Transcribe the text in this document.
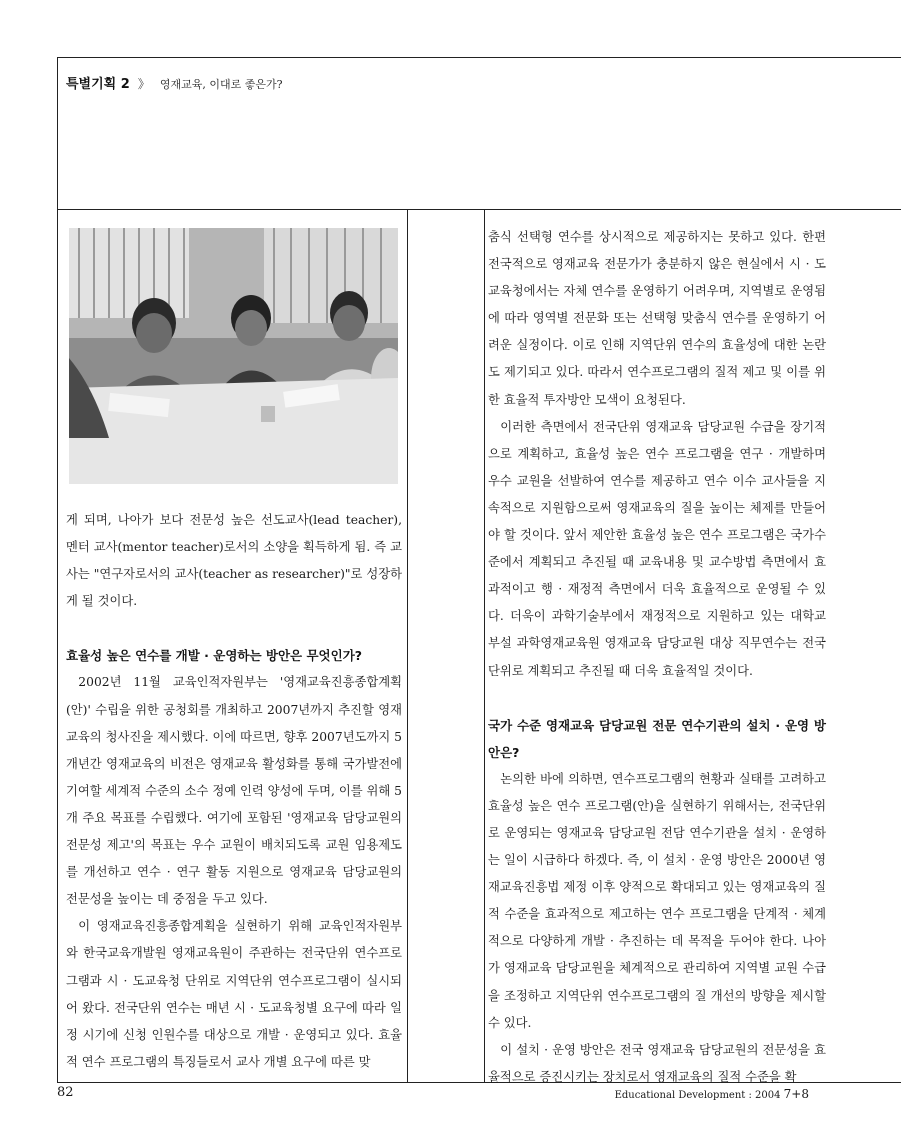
특별기획 2 》 영재교육, 이대로 좋은가?

게 되며, 나아가 보다 전문성 높은 선도교사(lead teacher), 멘터 교사(mentor teacher)로서의 소양을 획득하게 됨. 즉 교사는 "연구자로서의 교사(teacher as researcher)"로 성장하게 될 것이다.

효율성 높은 연수를 개발 · 운영하는 방안은 무엇인가?

2002년 11월 교육인적자원부는 '영재교육진흥종합계획(안)' 수립을 위한 공청회를 개최하고 2007년까지 추진할 영재교육의 청사진을 제시했다. 이에 따르면, 향후 2007년도까지 5개년간 영재교육의 비전은 영재교육 활성화를 통해 국가발전에 기여할 세계적 수준의 소수 정예 인력 양성에 두며, 이를 위해 5개 주요 목표를 수립했다. 여기에 포함된 '영재교육 담당교원의 전문성 제고'의 목표는 우수 교원이 배치되도록 교원 임용제도를 개선하고 연수 · 연구 활동 지원으로 영재교육 담당교원의 전문성을 높이는 데 중점을 두고 있다.

이 영재교육진흥종합계획을 실현하기 위해 교육인적자원부와 한국교육개발원 영재교육원이 주관하는 전국단위 연수프로그램과 시 · 도교육청 단위로 지역단위 연수프로그램이 실시되어 왔다. 전국단위 연수는 매년 시 · 도교육청별 요구에 따라 일정 시기에 신청 인원수를 대상으로 개발 · 운영되고 있다. 효율적 연수 프로그램의 특징들로서 교사 개별 요구에 따른 맞

춤식 선택형 연수를 상시적으로 제공하지는 못하고 있다. 한편 전국적으로 영재교육 전문가가 충분하지 않은 현실에서 시 · 도교육청에서는 자체 연수를 운영하기 어려우며, 지역별로 운영됨에 따라 영역별 전문화 또는 선택형 맞춤식 연수를 운영하기 어려운 실정이다. 이로 인해 지역단위 연수의 효율성에 대한 논란도 제기되고 있다. 따라서 연수프로그램의 질적 제고 및 이를 위한 효율적 투자방안 모색이 요청된다.

이러한 측면에서 전국단위 영재교육 담당교원 수급을 장기적으로 계획하고, 효율성 높은 연수 프로그램을 연구 · 개발하며 우수 교원을 선발하여 연수를 제공하고 연수 이수 교사들을 지속적으로 지원함으로써 영재교육의 질을 높이는 체제를 만들어야 할 것이다. 앞서 제안한 효율성 높은 연수 프로그램은 국가수준에서 계획되고 추진될 때 교육내용 및 교수방법 측면에서 효과적이고 행 · 재정적 측면에서 더욱 효율적으로 운영될 수 있다. 더욱이 과학기술부에서 재정적으로 지원하고 있는 대학교 부설 과학영재교육원 영재교육 담당교원 대상 직무연수는 전국단위로 계획되고 추진될 때 더욱 효율적일 것이다.

국가 수준 영재교육 담당교원 전문 연수기관의 설치 · 운영 방안은?

논의한 바에 의하면, 연수프로그램의 현황과 실태를 고려하고 효율성 높은 연수 프로그램(안)을 실현하기 위해서는, 전국단위로 운영되는 영재교육 담당교원 전담 연수기관을 설치 · 운영하는 일이 시급하다 하겠다. 즉, 이 설치 · 운영 방안은 2000년 영재교육진흥법 제정 이후 양적으로 확대되고 있는 영재교육의 질적 수준을 효과적으로 제고하는 연수 프로그램을 단계적 · 체계적으로 다양하게 개발 · 추진하는 데 목적을 두어야 한다. 나아가 영재교육 담당교원을 체계적으로 관리하여 지역별 교원 수급을 조정하고 지역단위 연수프로그램의 질 개선의 방향을 제시할 수 있다.

이 설치 · 운영 방안은 전국 영재교육 담당교원의 전문성을 효율적으로 증진시키는 장치로서 영재교육의 질적 수준을 확

82	Educational Development : 2004 7+8
